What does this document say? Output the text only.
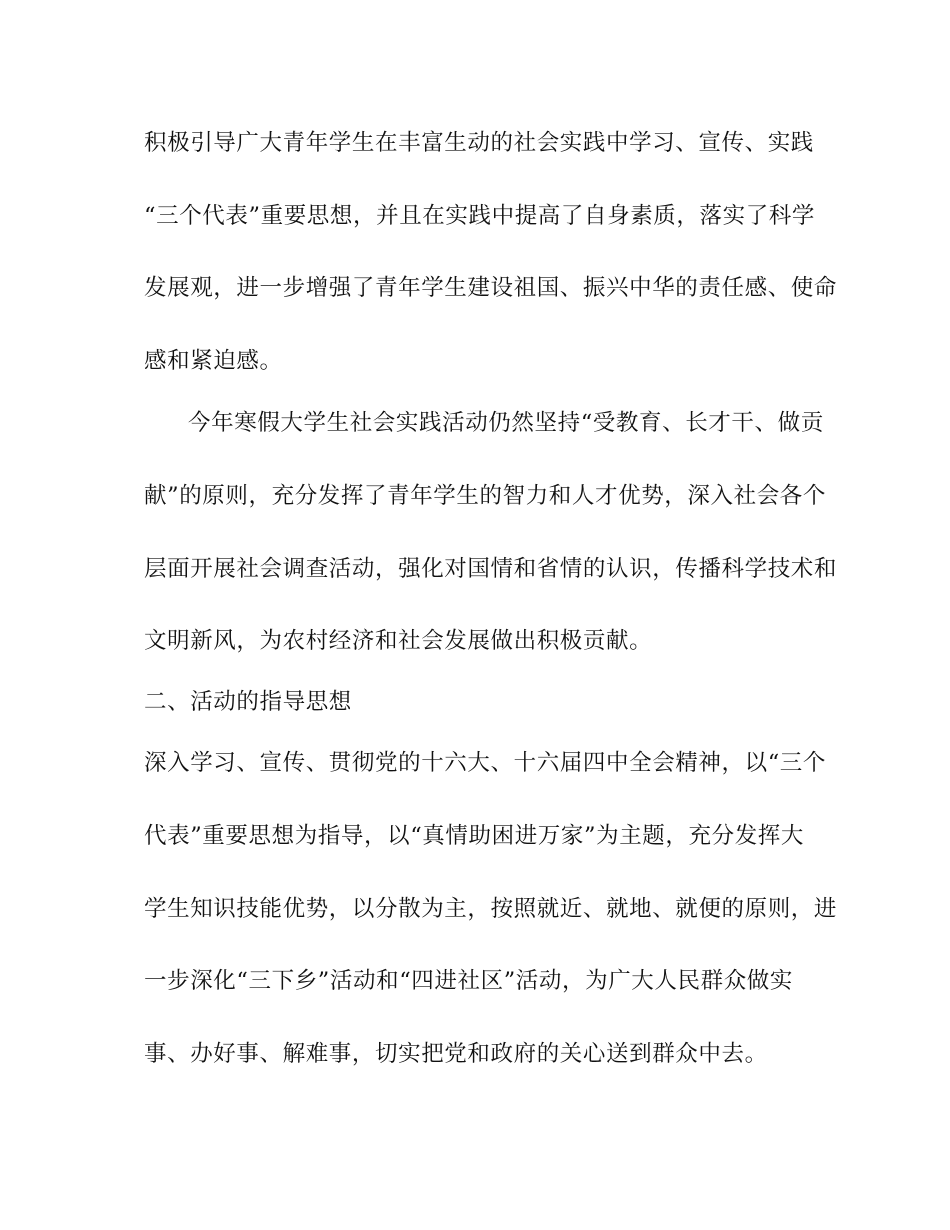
积极引导广大青年学生在丰富生动的社会实践中学习、宣传、实践
“三个代表”重要思想，并且在实践中提高了自身素质，落实了科学
发展观，进一步增强了青年学生建设祖国、振兴中华的责任感、使命
感和紧迫感。
今年寒假大学生社会实践活动仍然坚持“受教育、长才干、做贡
献”的原则，充分发挥了青年学生的智力和人才优势，深入社会各个
层面开展社会调查活动，强化对国情和省情的认识，传播科学技术和
文明新风，为农村经济和社会发展做出积极贡献。
二、活动的指导思想
深入学习、宣传、贯彻党的十六大、十六届四中全会精神，以“三个
代表”重要思想为指导，以“真情助困进万家”为主题，充分发挥大
学生知识技能优势，以分散为主，按照就近、就地、就便的原则，进
一步深化“三下乡”活动和“四进社区”活动，为广大人民群众做实
事、办好事、解难事，切实把党和政府的关心送到群众中去。
